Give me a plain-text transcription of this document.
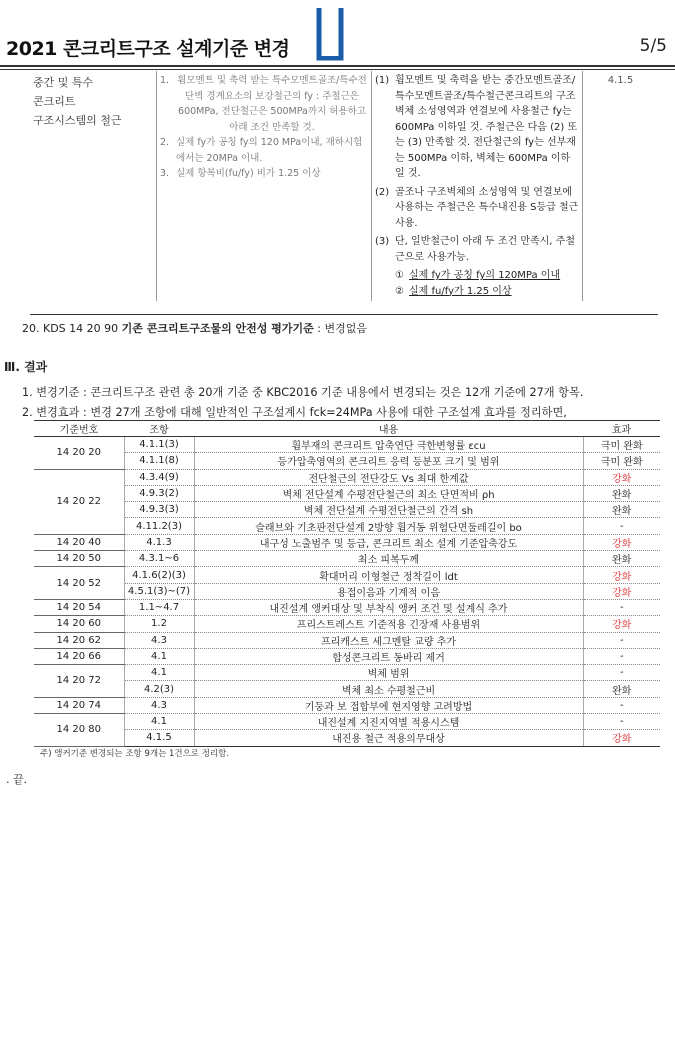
2021 콘크리트구조 설계기준 변경	5/5
중간 및 특수
콘크리트
구조시스템의 철근

1. 휨모멘트 및 축력 받는 특수모멘트골조/특수전단벽 경계요소의 보강철근의 fy : 주철근은 600MPa, 전단철근은 500MPa까지 허용하고 아래 조건 만족할 것.
2. 실제 fy가 공칭 fy의 120 MPa이내, 재하시험에서는 20MPa 이내.
3. 실제 항복비(fu/fy) 비가 1.25 이상

(1) 휨모멘트 및 축력을 받는 중간모멘트골조/특수모멘트골조/특수철근콘크리트의 구조벽체 소성영역과 연결보에 사용철근 fy는 600MPa 이하일 것. 주철근은 다음 (2) 또는 (3) 만족할 것. 전단철근의 fy는 선부재는 500MPa 이하, 벽체는 600MPa 이하일 것.
(2) 골조나 구조벽체의 소성영역 및 연결보에 사용하는 주철근은 특수내진용 S등급 철근사용.
(3) 단, 일반철근이 아래 두 조건 만족시, 주철근으로 사용가능.
① 실제 fy가 공칭 fy의 120MPa 이내
② 실제 fu/fy가 1.25 이상
	4.1.5
20. KDS 14 20 90 기존 콘크리트구조물의 안전성 평가기준 : 변경없음
Ⅲ. 결과
1. 변경기준 : 콘크리트구조 관련 총 20개 기준 중 KBC2016 기준 내용에서 변경되는 것은 12개 기준에 27개 항목.
2. 변경효과 : 변경 27개 조항에 대해 일반적인 구조설계시 fck=24MPa 사용에 대한 구조설계 효과를 정리하면,
기준번호	조항	내용	효과
14 20 20	4.1.1(3)	휨부재의 콘크리트 압축연단 극한변형률 εcu	극미 완화
	4.1.1(8)	등가압축영역의 콘크리트 응력 등분포 크기 및 범위	극미 완화
14 20 22	4.3.4(9)	전단철근의 전단강도 Vs 최대 한계값	강화
	4.9.3(2)	벽체 전단설계 수평전단철근의 최소 단면적비 ρh	완화
	4.9.3(3)	벽체 전단설계 수평전단철근의 간격 sh	완화
	4.11.2(3)	슬래브와 기초판전단설계 2방향 휨거동 위험단면둘레길이 bo	-
14 20 40	4.1.3	내구성 노출범주 및 등급, 콘크리트 최소 설계 기준압축강도	강화
14 20 50	4.3.1~6	최소 피복두께	완화
14 20 52	4.1.6(2)(3)	확대머리 이형철근 정착길이 ldt	강화
	4.5.1(3)~(7)	용접이음과 기계적 이음	강화
14 20 54	1.1~4.7	내진설계 앵커대상 및 부착식 앵커 조건 및 설계식 추가	-
14 20 60	1.2	프리스트레스트 기준적용 긴장재 사용범위	강화
14 20 62	4.3	프리캐스트 세그멘탈 교량 추가	-
14 20 66	4.1	합성콘크리트 동바리 제거	-
14 20 72	4.1	벽체 범위	-
	4.2(3)	벽체 최소 수평철근비	완화
14 20 74	4.3	기둥과 보 접합부에 현지영향 고려방법	-
14 20 80	4.1	내진설계 지진지역별 적용시스템	-
	4.1.5	내진용 철근 적용의무대상	강화
주) 앵커기준 변경되는 조항 9개는 1건으로 정리함.
. 끝.
